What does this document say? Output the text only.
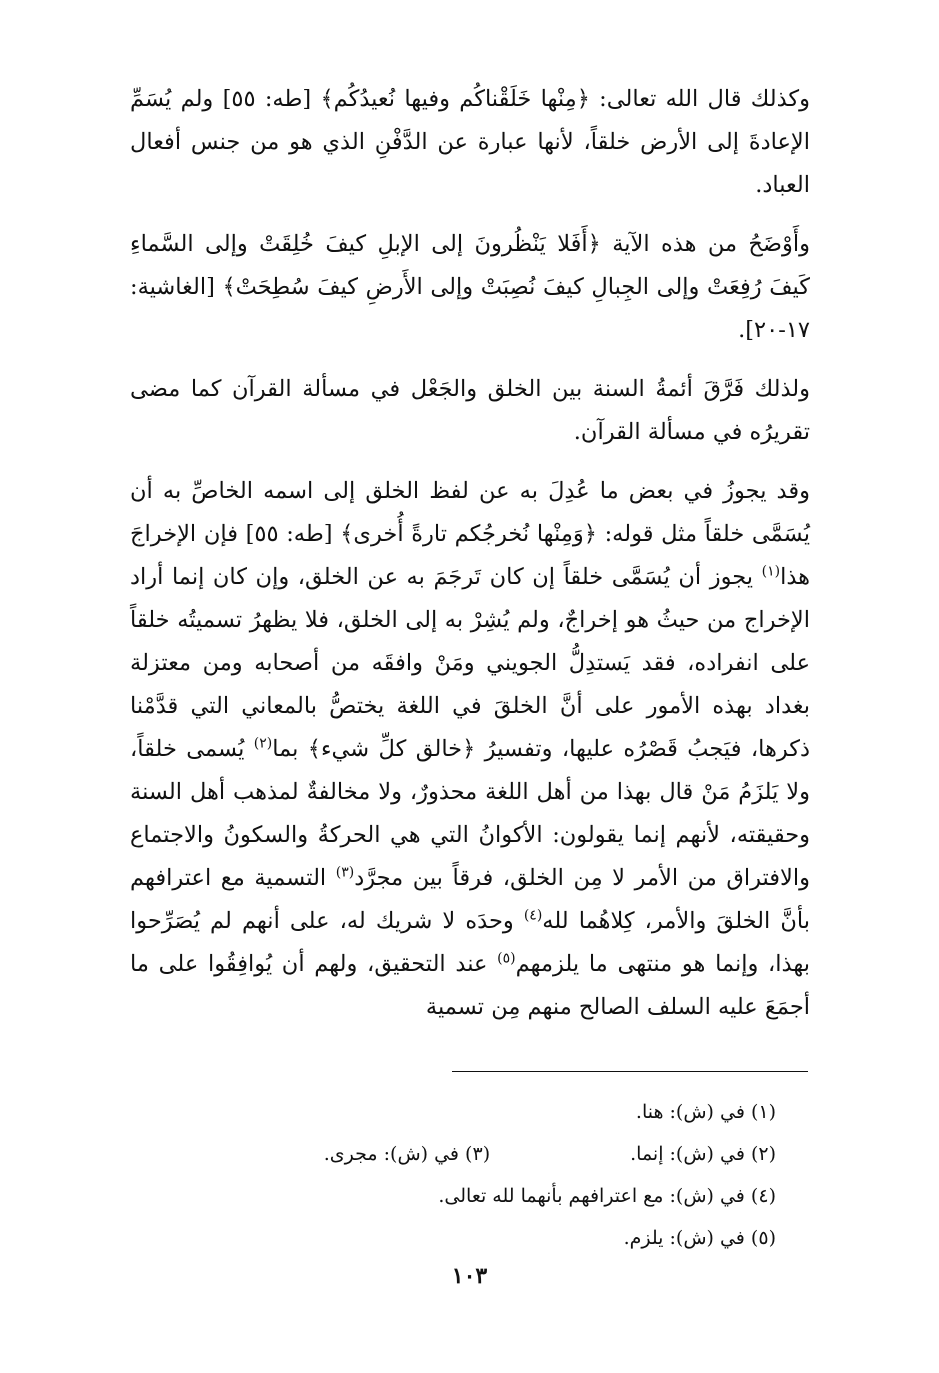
وكذلك قال الله تعالى: ﴿مِنْها خَلَقْناكُم وفيها نُعيدُكُم﴾ [طه: ٥٥] ولم يُسَمِّ الإعادةَ إلى الأرض خلقاً، لأنها عبارة عن الدَّفْنِ الذي هو من جنس أفعال العباد.

وأَوْضَحُ من هذه الآية ﴿أَفَلا يَنْظُرونَ إلى الإبلِ كيفَ خُلِقَتْ وإلى السَّماءِ كَيفَ رُفِعَتْ وإلى الجِبالِ كيفَ نُصِبَتْ وإلى الأَرضِ كيفَ سُطِحَتْ﴾ [الغاشية: ١٧-٢٠].

ولذلك فَرَّقَ أئمةُ السنة بين الخلق والجَعْل في مسألة القرآن كما مضى تقريرُه في مسألة القرآن.

وقد يجوزُ في بعض ما عُدِلَ به عن لفظ الخلق إلى اسمه الخاصِّ به أن يُسَمَّى خلقاً مثل قوله: ﴿وَمِنْها نُخرجُكم تارةً أُخرى﴾ [طه: ٥٥] فإن الإخراجَ هذا$^{(١)}$ يجوز أن يُسَمَّى خلقاً إن كان تَرجَمَ به عن الخلق، وإن كان إنما أراد الإخراج من حيثُ هو إخراجٌ، ولم يُشِرْ به إلى الخلق، فلا يظهرُ تسميتُه خلقاً على انفراده، فقد يَستدِلُّ الجويني ومَنْ وافقَه من أصحابه ومن معتزلة بغداد بهذه الأمور على أنَّ الخلقَ في اللغة يختصُّ بالمعاني التي قدَّمْنا ذكرها، فيَجبُ قَصْرُه عليها، وتفسيرُ ﴿خالق كلِّ شيء﴾ بما$^{(٢)}$ يُسمى خلقاً، ولا يَلزَمُ مَنْ قال بهذا من أهل اللغة محذورٌ، ولا مخالفةٌ لمذهب أهل السنة وحقيقته، لأنهم إنما يقولون: الأكوانُ التي هي الحركةُ والسكونُ والاجتماع والافتراق من الأمر لا مِن الخلق، فرقاً بين مجرَّد$^{(٣)}$ التسمية مع اعترافهم بأنَّ الخلقَ والأمر، كِلاهُما لله$^{(٤)}$ وحدَه لا شريك له، على أنهم لم يُصَرِّحوا بهذا، وإنما هو منتهى ما يلزمهم$^{(٥)}$ عند التحقيق، ولهم أن يُوافِقُوا على ما أجمَعَ عليه السلف الصالح منهم مِن تسمية

(١) في (ش): هنا.
(٢) في (ش): إنما.
(٣) في (ش): مجرى.
(٤) في (ش): مع اعترافهم بأنهما لله تعالى.
(٥) في (ش): يلزم.
١٠٣
